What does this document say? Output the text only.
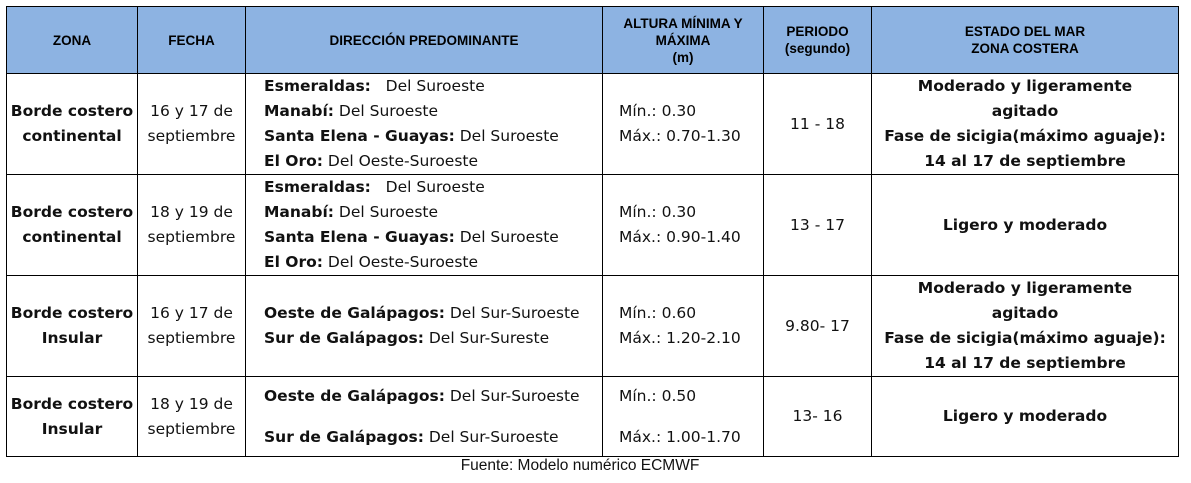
ZONA	FECHA	DIRECCIÓN PREDOMINANTE	ALTURA MÍNIMA Y
MÁXIMA
(m)	PERIODO
(segundo)	ESTADO DEL MAR
ZONA COSTERA

Borde costero
continental	16 y 17 de
septiembre	Esmeraldas:   Del Suroeste
Manabí: Del Suroeste
Santa Elena - Guayas: Del Suroeste
El Oro: Del Oeste-Suroeste	Mín.: 0.30
Máx.: 0.70-1.30	11 - 18	Moderado y ligeramente
agitado
Fase de sicigia(máximo aguaje):
14 al 17 de septiembre

Borde costero
continental	18 y 19 de
septiembre	Esmeraldas:   Del Suroeste
Manabí: Del Suroeste
Santa Elena - Guayas: Del Suroeste
El Oro: Del Oeste-Suroeste	Mín.: 0.30
Máx.: 0.90-1.40	13 - 17	Ligero y moderado

Borde costero
Insular	16 y 17 de
septiembre	Oeste de Galápagos: Del Sur-Suroeste
Sur de Galápagos: Del Sur-Sureste	Mín.: 0.60
Máx.: 1.20-2.10	9.80- 17	Moderado y ligeramente
agitado
Fase de sicigia(máximo aguaje):
14 al 17 de septiembre

Borde costero
Insular	18 y 19 de
septiembre	Oeste de Galápagos: Del Sur-Suroeste
Sur de Galápagos: Del Sur-Suroeste	Mín.: 0.50
Máx.: 1.00-1.70	13- 16	Ligero y moderado
Fuente: Modelo numérico ECMWF
